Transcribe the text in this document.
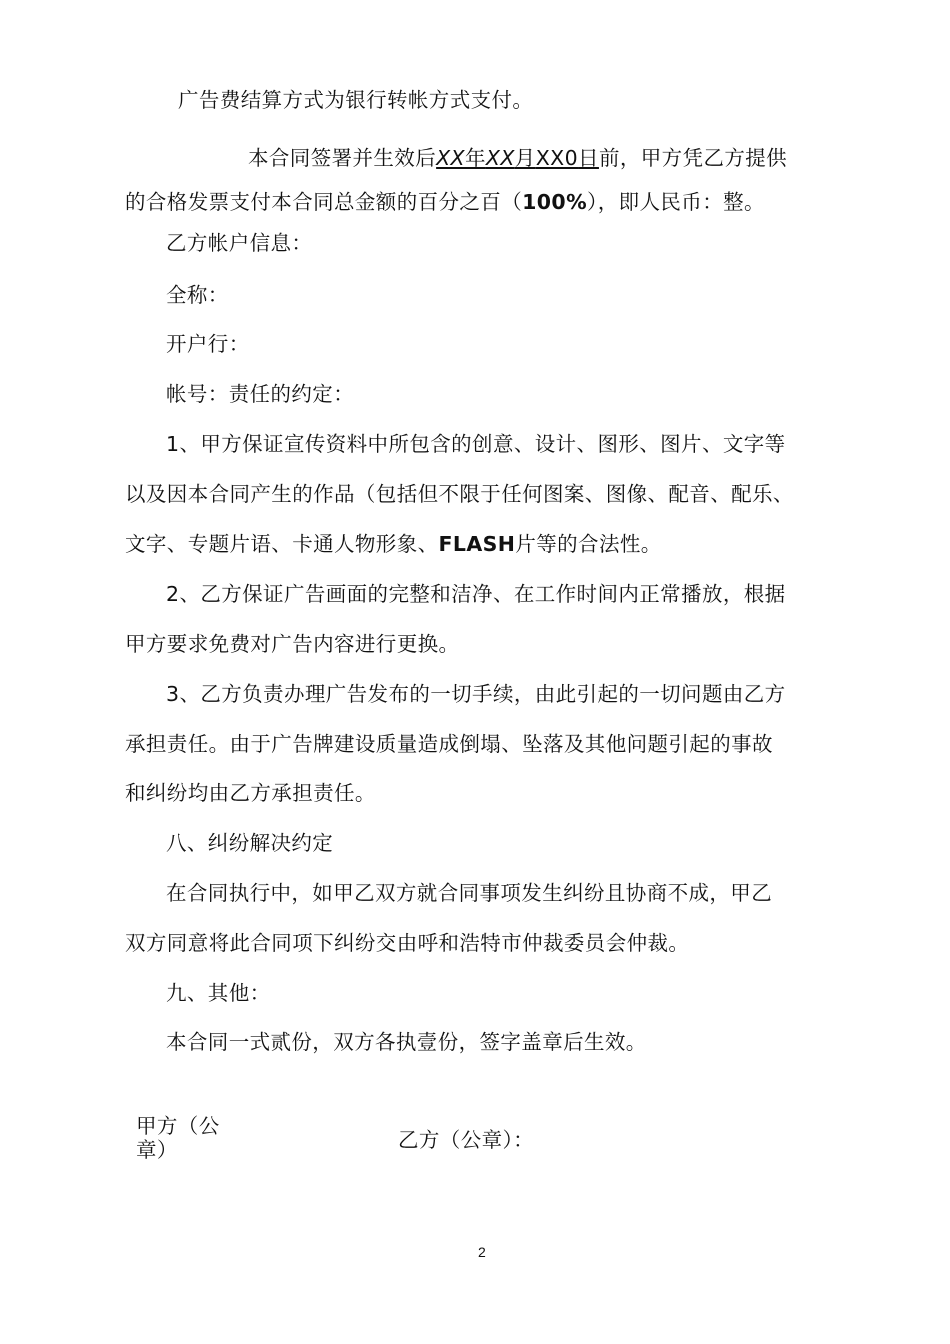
广告费结算方式为银行转帐方式支付。
本合同签署并生效后XX年XX月XX0日前，甲方凭乙方提供
的合格发票支付本合同总金额的百分之百（100%），即人民币：整。
乙方帐户信息：
全称：
开户行：
帐号：责任的约定：
1、甲方保证宣传资料中所包含的创意、设计、图形、图片、文字等
以及因本合同产生的作品（包括但不限于任何图案、图像、配音、配乐、
文字、专题片语、卡通人物形象、FLASH片等的合法性。
2、乙方保证广告画面的完整和洁净、在工作时间内正常播放，根据
甲方要求免费对广告内容进行更换。
3、乙方负责办理广告发布的一切手续，由此引起的一切问题由乙方
承担责任。由于广告牌建设质量造成倒塌、坠落及其他问题引起的事故
和纠纷均由乙方承担责任。
八、纠纷解决约定
在合同执行中，如甲乙双方就合同事项发生纠纷且协商不成，甲乙
双方同意将此合同项下纠纷交由呼和浩特市仲裁委员会仲裁。
九、其他：
本合同一式贰份，双方各执壹份，签字盖章后生效。
甲方（公
章）	乙方（公章）：
2
